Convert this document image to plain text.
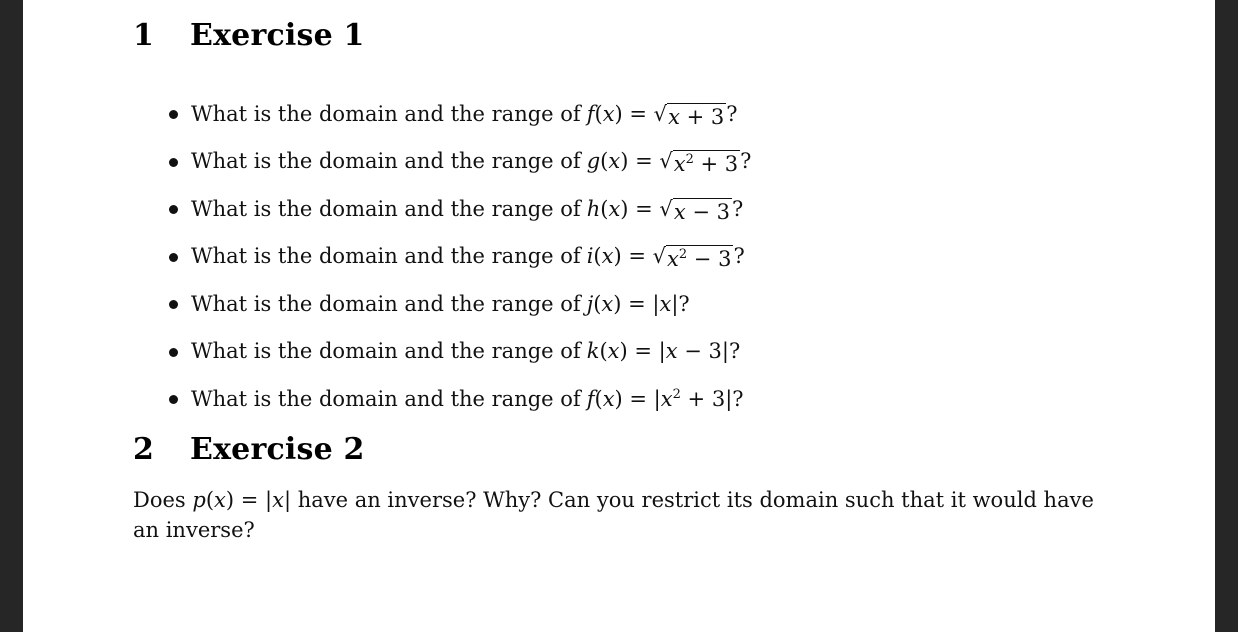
1	Exercise 1
What is the domain and the range of f(x) = √ x + 3 ?
What is the domain and the range of g(x) = √ $x^2 + 3$ ?
What is the domain and the range of h(x) = √ x − 3 ?
What is the domain and the range of i(x) = √ $x^2 - 3$ ?
What is the domain and the range of j(x) = |x|?
What is the domain and the range of k(x) = |x − 3|?
What is the domain and the range of $f(x) = |x^2 + 3|$?
2	Exercise 2

Does p(x) = |x| have an inverse? Why? Can you restrict its domain such that it would have an inverse?
